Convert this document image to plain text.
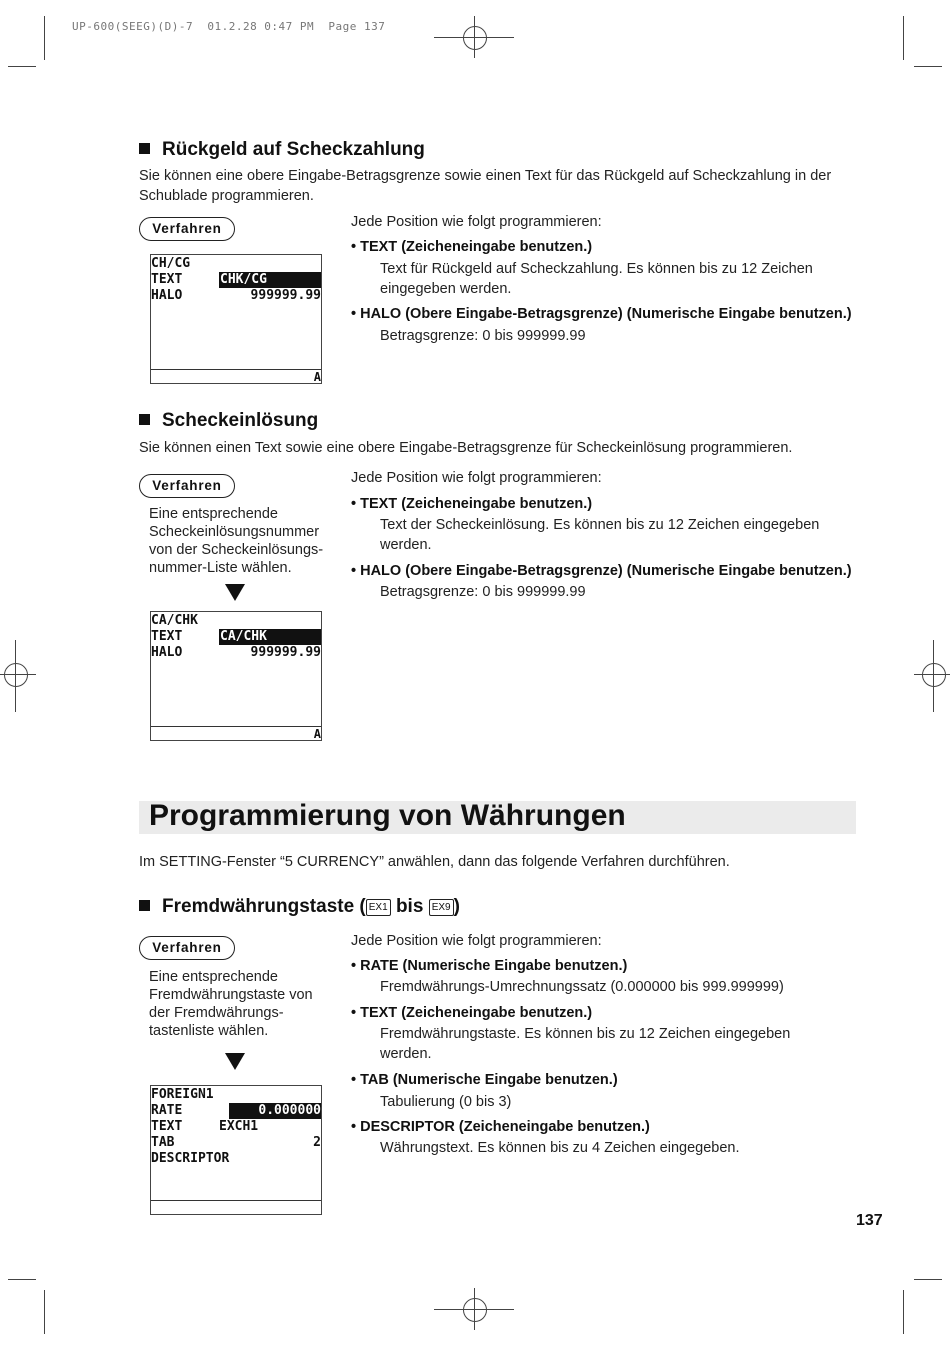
UP-600(SEEG)(D)-7  01.2.28 0:47 PM  Page 137
Rückgeld auf Scheckzahlung
Sie können eine obere Eingabe-Betragsgrenze sowie einen Text für das Rückgeld auf Scheckzahlung in der
Schublade programmieren.
Verfahren	Jede Position wie folgt programmieren:
• TEXT (Zeicheneingabe benutzen.)
Text für Rückgeld auf Scheckzahlung. Es können bis zu 12 Zeichen
eingegeben werden.
• HALO (Obere Eingabe-Betragsgrenze) (Numerische Eingabe benutzen.)
Betragsgrenze: 0 bis 999999.99
CH/CG
TEXT	CHK/CG
HALO	999999.99
A
Scheckeinlösung
Sie können einen Text sowie eine obere Eingabe-Betragsgrenze für Scheckeinlösung programmieren.
Verfahren
Eine entsprechende
Scheckeinlösungsnummer
von der Scheckeinlösungs-
nummer-Liste wählen.
Jede Position wie folgt programmieren:
• TEXT (Zeicheneingabe benutzen.)
Text der Scheckeinlösung. Es können bis zu 12 Zeichen eingegeben
werden.
• HALO (Obere Eingabe-Betragsgrenze) (Numerische Eingabe benutzen.)
Betragsgrenze: 0 bis 999999.99
CA/CHK
TEXT	CA/CHK
HALO	999999.99
A
Programmierung von Währungen
Im SETTING-Fenster “5 CURRENCY” anwählen, dann das folgende Verfahren durchführen.
Fremdwährungstaste ( EX1 bis EX9 )
Verfahren
Eine entsprechende
Fremdwährungstaste von
der Fremdwährungs-
tastenliste wählen.
Jede Position wie folgt programmieren:
• RATE (Numerische Eingabe benutzen.)
Fremdwährungs-Umrechnungssatz (0.000000 bis 999.999999)
• TEXT (Zeicheneingabe benutzen.)
Fremdwährungstaste. Es können bis zu 12 Zeichen eingegeben
werden.
• TAB (Numerische Eingabe benutzen.)
Tabulierung (0 bis 3)
• DESCRIPTOR (Zeicheneingabe benutzen.)
Währungstext. Es können bis zu 4 Zeichen eingegeben.
FOREIGN1
RATE	0.000000
TEXT	EXCH1
TAB	2
DESCRIPTOR
137
